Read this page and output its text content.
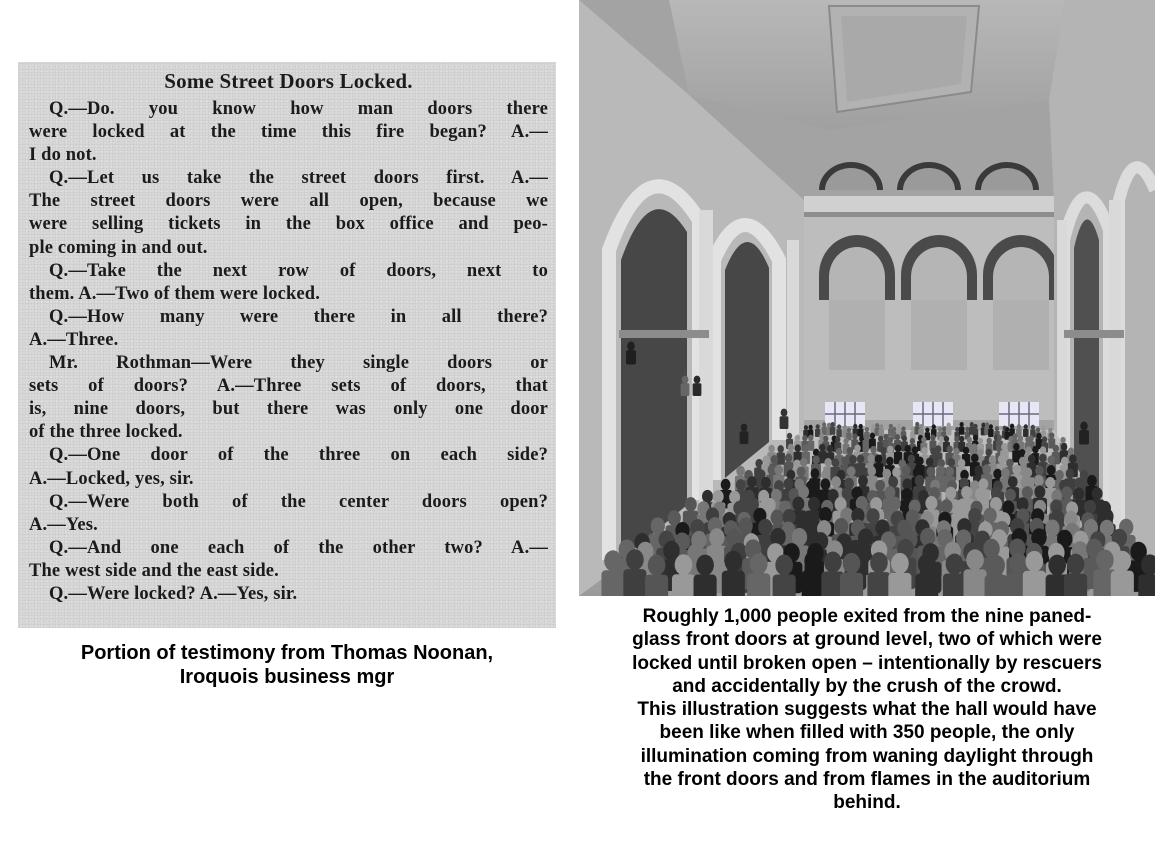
Some Street Doors Locked.
Q.—Do. you know how man doors there
were locked at the time this fire began? A.—
I do not.
Q.—Let us take the street doors first. A.—
The street doors were all open, because we
were selling tickets in the box office and peo-
ple coming in and out.
Q.—Take the next row of doors, next to
them. A.—Two of them were locked.
Q.—How many were there in all there?
A.—Three.
Mr. Rothman—Were they single doors or
sets of doors? A.—Three sets of doors, that
is, nine doors, but there was only one door
of the three locked.
Q.—One door of the three on each side?
A.—Locked, yes, sir.
Q.—Were both of the center doors open?
A.—Yes.
Q.—And one each of the other two? A.—
The west side and the east side.
Q.—Were locked? A.—Yes, sir.
Portion of testimony from Thomas Noonan,
Iroquois business mgr
Roughly 1,000 people exited from the nine paned-
glass front doors at ground level, two of which were
locked until broken open – intentionally by rescuers
and accidentally by the crush of the crowd.
This illustration suggests what the hall would have
been like when filled with 350 people, the only
illumination coming from waning daylight through
the front doors and from flames in the auditorium
behind.
